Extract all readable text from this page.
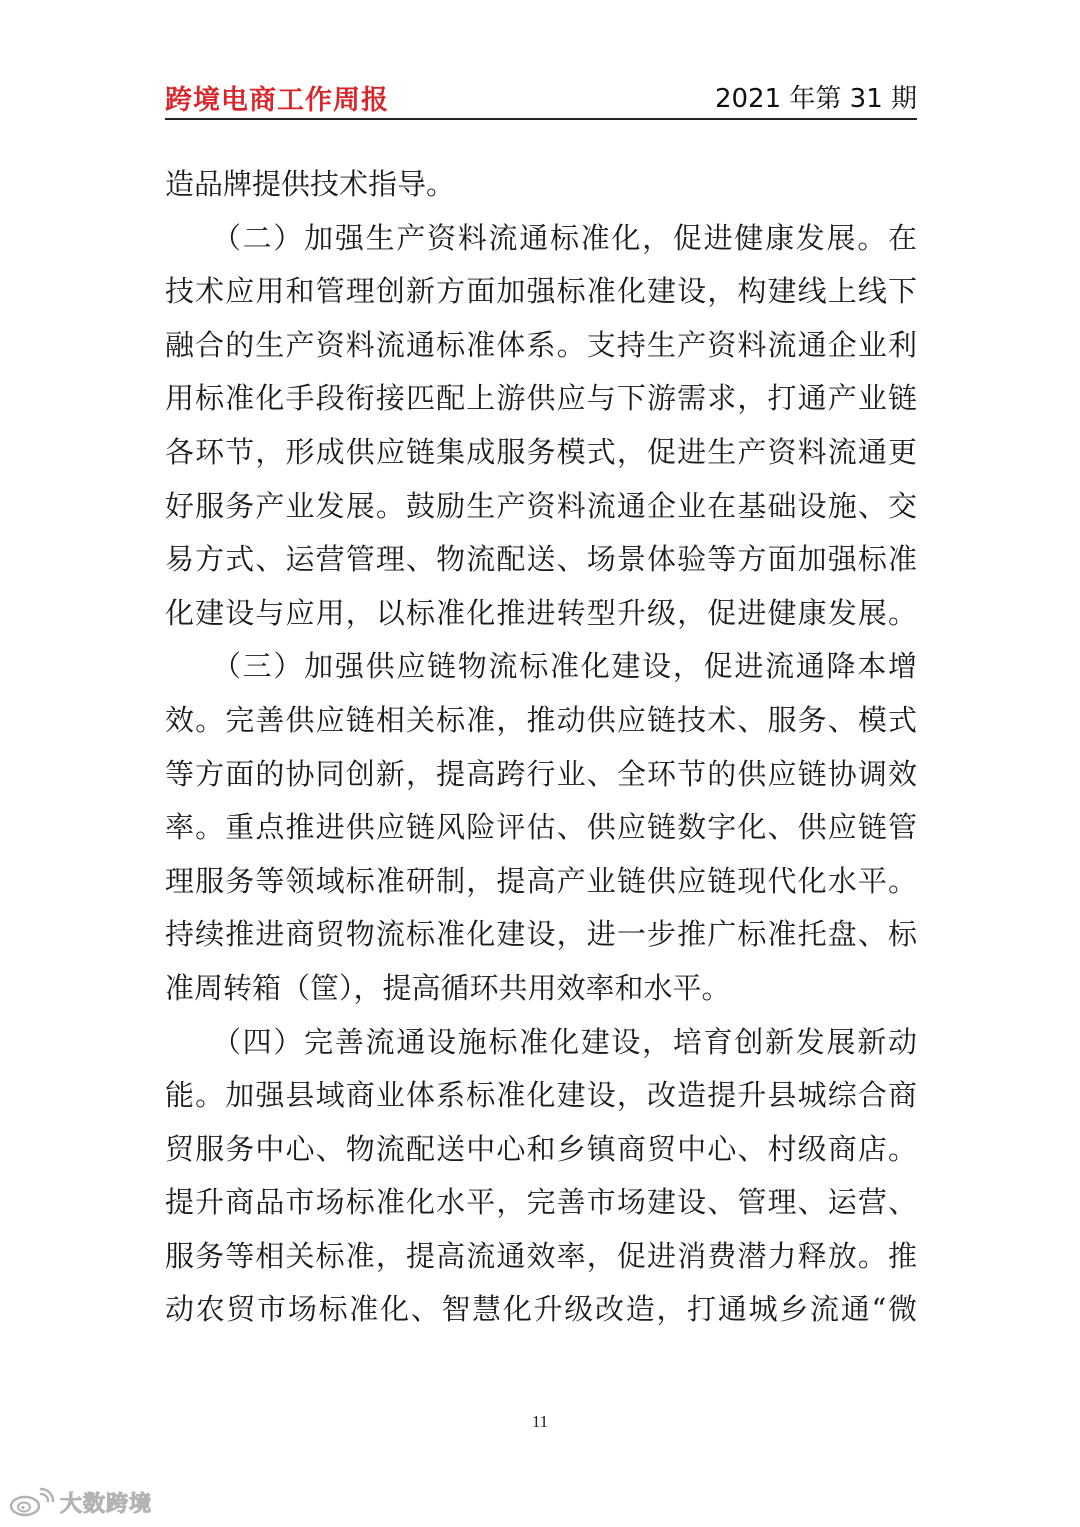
跨境电商工作周报	2021 年第 31 期
造品牌提供技术指导。
　　（二）加强生产资料流通标准化，促进健康发展。在
技术应用和管理创新方面加强标准化建设，构建线上线下
融合的生产资料流通标准体系。支持生产资料流通企业利
用标准化手段衔接匹配上游供应与下游需求，打通产业链
各环节，形成供应链集成服务模式，促进生产资料流通更
好服务产业发展。鼓励生产资料流通企业在基础设施、交
易方式、运营管理、物流配送、场景体验等方面加强标准
化建设与应用，以标准化推进转型升级，促进健康发展。
　　（三）加强供应链物流标准化建设，促进流通降本增
效。完善供应链相关标准，推动供应链技术、服务、模式
等方面的协同创新，提高跨行业、全环节的供应链协调效
率。重点推进供应链风险评估、供应链数字化、供应链管
理服务等领域标准研制，提高产业链供应链现代化水平。
持续推进商贸物流标准化建设，进一步推广标准托盘、标
准周转箱（筐），提高循环共用效率和水平。
　　（四）完善流通设施标准化建设，培育创新发展新动
能。加强县域商业体系标准化建设，改造提升县城综合商
贸服务中心、物流配送中心和乡镇商贸中心、村级商店。
提升商品市场标准化水平，完善市场建设、管理、运营、
服务等相关标准，提高流通效率，促进消费潜力释放。推
动农贸市场标准化、智慧化升级改造，打通城乡流通“微
11
大数跨境
